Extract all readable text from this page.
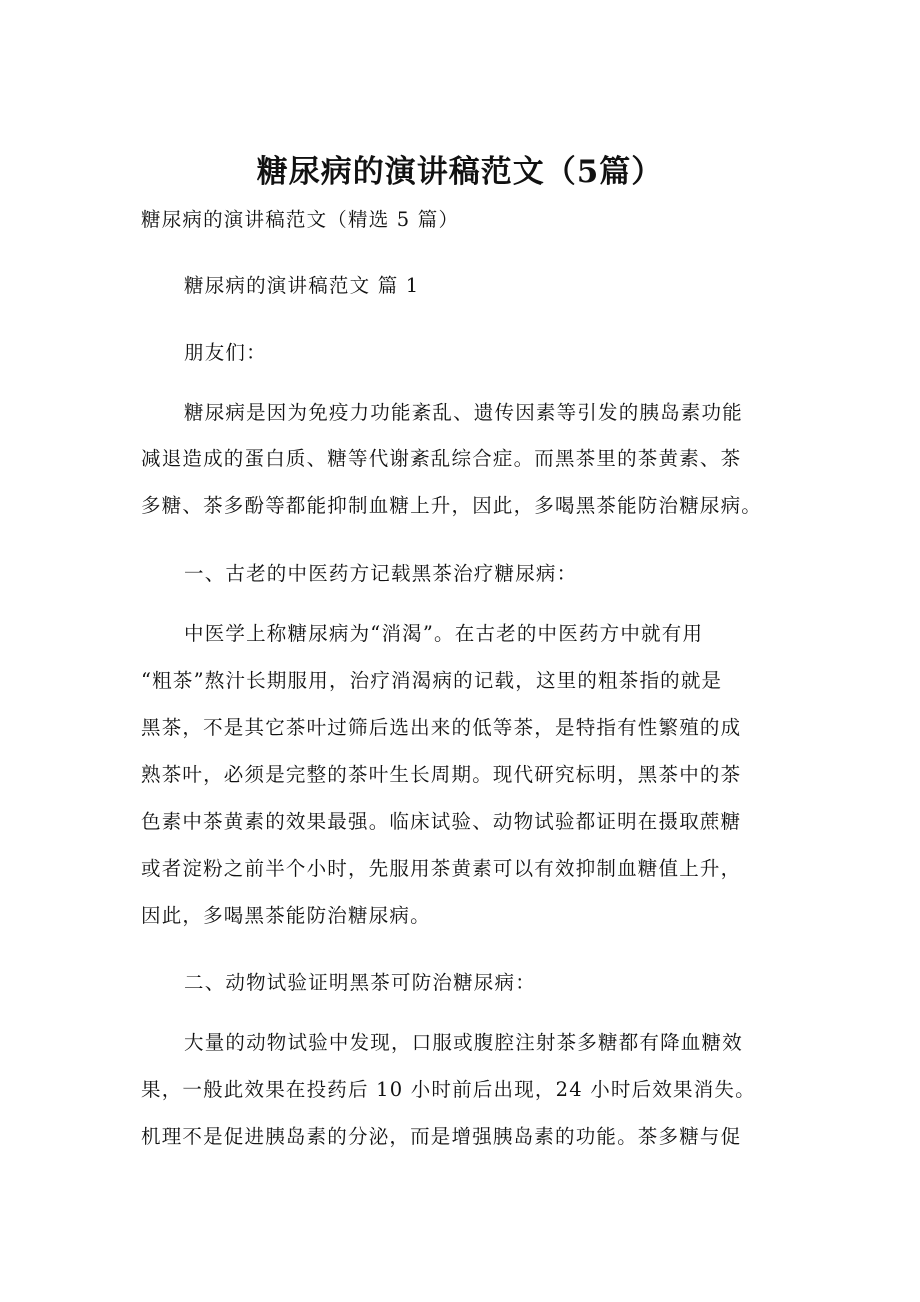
糖尿病的演讲稿范文（5篇）
糖尿病的演讲稿范文（精选 5 篇）
糖尿病的演讲稿范文 篇 1
朋友们：
糖尿病是因为免疫力功能紊乱、遗传因素等引发的胰岛素功能
减退造成的蛋白质、糖等代谢紊乱综合症。而黑茶里的茶黄素、茶
多糖、茶多酚等都能抑制血糖上升，因此，多喝黑茶能防治糖尿病。
一、古老的中医药方记载黑茶治疗糖尿病：
中医学上称糖尿病为“消渴”。在古老的中医药方中就有用
“粗茶”熬汁长期服用，治疗消渴病的记载，这里的粗茶指的就是
黑茶，不是其它茶叶过筛后选出来的低等茶，是特指有性繁殖的成
熟茶叶，必须是完整的茶叶生长周期。现代研究标明，黑茶中的茶
色素中茶黄素的效果最强。临床试验、动物试验都证明在摄取蔗糖
或者淀粉之前半个小时，先服用茶黄素可以有效抑制血糖值上升，
因此，多喝黑茶能防治糖尿病。
二、动物试验证明黑茶可防治糖尿病：
大量的动物试验中发现，口服或腹腔注射茶多糖都有降血糖效
果，一般此效果在投药后 10 小时前后出现，24 小时后效果消失。
机理不是促进胰岛素的分泌，而是增强胰岛素的功能。茶多糖与促
